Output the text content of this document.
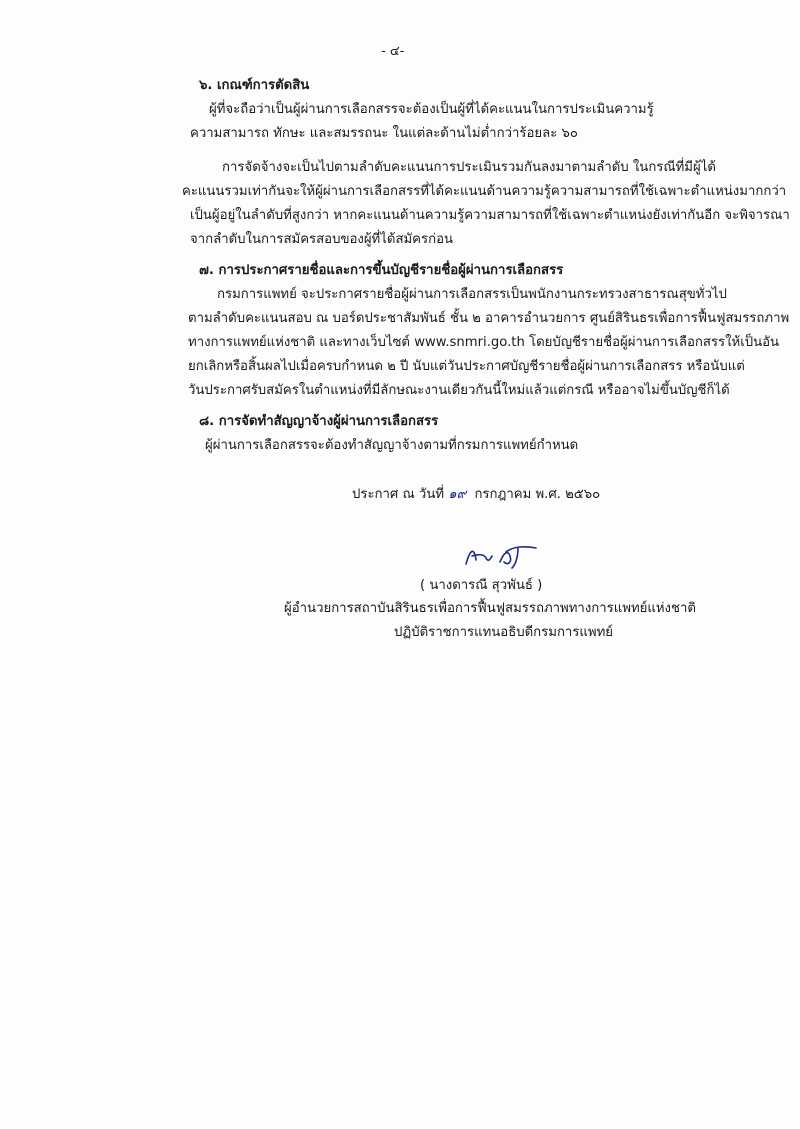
- ๔-
๖. เกณฑ์การตัดสิน
ผู้ที่จะถือว่าเป็นผู้ผ่านการเลือกสรรจะต้องเป็นผู้ที่ได้คะแนนในการประเมินความรู้
ความสามารถ ทักษะ และสมรรถนะ ในแต่ละด้านไม่ต่ำกว่าร้อยละ ๖๐
การจัดจ้างจะเป็นไปตามลำดับคะแนนการประเมินรวมกันลงมาตามลำดับ ในกรณีที่มีผู้ได้
คะแนนรวมเท่ากันจะให้ผู้ผ่านการเลือกสรรที่ได้คะแนนด้านความรู้ความสามารถที่ใช้เฉพาะตำแหน่งมากกว่า
เป็นผู้อยู่ในลำดับที่สูงกว่า หากคะแนนด้านความรู้ความสามารถที่ใช้เฉพาะตำแหน่งยังเท่ากันอีก จะพิจารณา
จากลำดับในการสมัครสอบของผู้ที่ได้สมัครก่อน
๗. การประกาศรายชื่อและการขึ้นบัญชีรายชื่อผู้ผ่านการเลือกสรร
กรมการแพทย์ จะประกาศรายชื่อผู้ผ่านการเลือกสรรเป็นพนักงานกระทรวงสาธารณสุขทั่วไป
ตามลำดับคะแนนสอบ ณ บอร์ดประชาสัมพันธ์ ชั้น ๒ อาคารอำนวยการ ศูนย์สิรินธรเพื่อการฟื้นฟูสมรรถภาพ
ทางการแพทย์แห่งชาติ และทางเว็บไซต์ www.snmri.go.th โดยบัญชีรายชื่อผู้ผ่านการเลือกสรรให้เป็นอัน
ยกเลิกหรือสิ้นผลไปเมื่อครบกำหนด ๒ ปี นับแต่วันประกาศบัญชีรายชื่อผู้ผ่านการเลือกสรร หรือนับแต่
วันประกาศรับสมัครในตำแหน่งที่มีลักษณะงานเดียวกันนี้ใหม่แล้วแต่กรณี หรืออาจไม่ขึ้นบัญชีก็ได้
๘. การจัดทำสัญญาจ้างผู้ผ่านการเลือกสรร
ผู้ผ่านการเลือกสรรจะต้องทำสัญญาจ้างตามที่กรมการแพทย์กำหนด
ประกาศ ณ วันที่ ๑๙ กรกฎาคม พ.ศ. ๒๕๖๐
( นางดารณี สุวพันธ์ )
ผู้อำนวยการสถาบันสิรินธรเพื่อการฟื้นฟูสมรรถภาพทางการแพทย์แห่งชาติ
ปฏิบัติราชการแทนอธิบดีกรมการแพทย์
